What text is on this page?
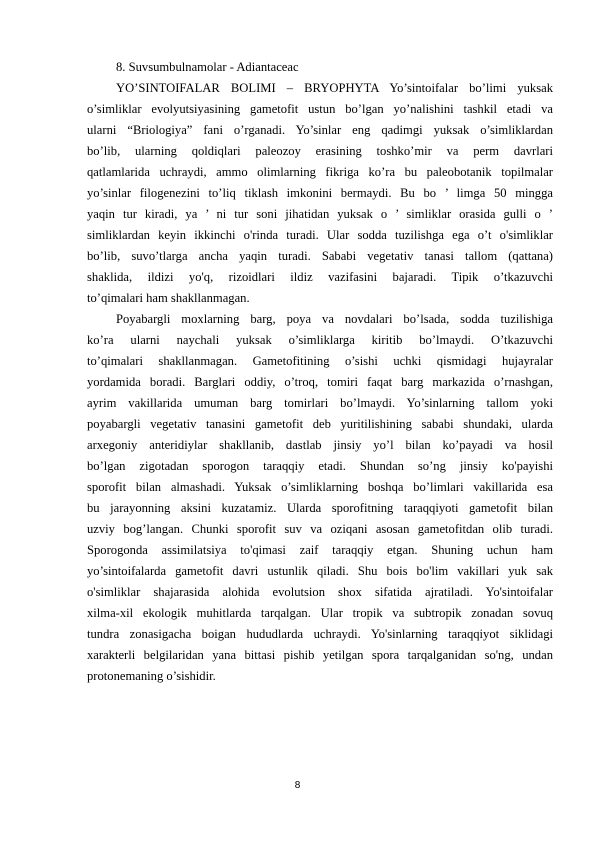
8. Suvsumbulnamolar - Adiantaceac
YO’SINTOIFALAR BOLIMI – BRYOPHYTA Yo’sintoifalar bo’limi yuksak
o’simliklar evolyutsiyasining gametofit ustun bo’lgan yo’nalishini tashkil etadi va
ularni “Briologiya” fani o’rganadi. Yo’sinlar eng qadimgi yuksak o’simliklardan
bo’lib, ularning qoldiqlari paleozoy erasining toshko’mir va perm davrlari
qatlamlarida uchraydi, ammo olimlarning fikriga ko’ra bu paleobotanik topilmalar
yo’sinlar filogenezini to’liq tiklash imkonini bermaydi. Bu bo ’ limga 50 mingga
yaqin tur kiradi, ya ’ ni tur soni jihatidan yuksak o ’ simliklar orasida gulli o ’
simliklardan keyin ikkinchi o'rinda turadi. Ular sodda tuzilishga ega o’t o'simliklar
bo’lib, suvo’tlarga ancha yaqin turadi. Sababi vegetativ tanasi tallom (qattana)
shaklida, ildizi yo'q, rizoidlari ildiz vazifasini bajaradi. Tipik o’tkazuvchi
to’qimalari ham shakllanmagan.
Poyabargli moxlarning barg, poya va novdalari bo’lsada, sodda tuzilishiga
ko’ra ularni naychali yuksak o’simliklarga kiritib bo’lmaydi. O’tkazuvchi
to’qimalari shakllanmagan. Gametofitining o’sishi uchki qismidagi hujayralar
yordamida boradi. Barglari oddiy, o’troq, tomiri faqat barg markazida o’rnashgan,
ayrim vakillarida umuman barg tomirlari bo’lmaydi. Yo’sinlarning tallom yoki
poyabargli vegetativ tanasini gametofit deb yuritilishining sababi shundaki, ularda
arxegoniy anteridiylar shakllanib, dastlab jinsiy yo’l bilan ko’payadi va hosil
bo’lgan zigotadan sporogon taraqqiy etadi. Shundan so’ng jinsiy ko'payishi
sporofit bilan almashadi. Yuksak o’simliklarning boshqa bo’limlari vakillarida esa
bu jarayonning aksini kuzatamiz. Ularda sporofitning taraqqiyoti gametofit bilan
uzviy bog’langan. Chunki sporofit suv va oziqani asosan gametofitdan olib turadi.
Sporogonda assimilatsiya to'qimasi zaif taraqqiy etgan. Shuning uchun ham
yo’sintoifalarda gametofit davri ustunlik qiladi. Shu bois bo'lim vakillari yuk sak
o'simliklar shajarasida alohida evolutsion shox sifatida ajratiladi. Yo'sintoifalar
xilma-xil ekologik muhitlarda tarqalgan. Ular tropik va subtropik zonadan sovuq
tundra zonasigacha boigan hududlarda uchraydi. Yo'sinlarning taraqqiyot siklidagi
xarakterli belgilaridan yana bittasi pishib yetilgan spora tarqalganidan so'ng, undan
protonemaning o’sishidir.
8
